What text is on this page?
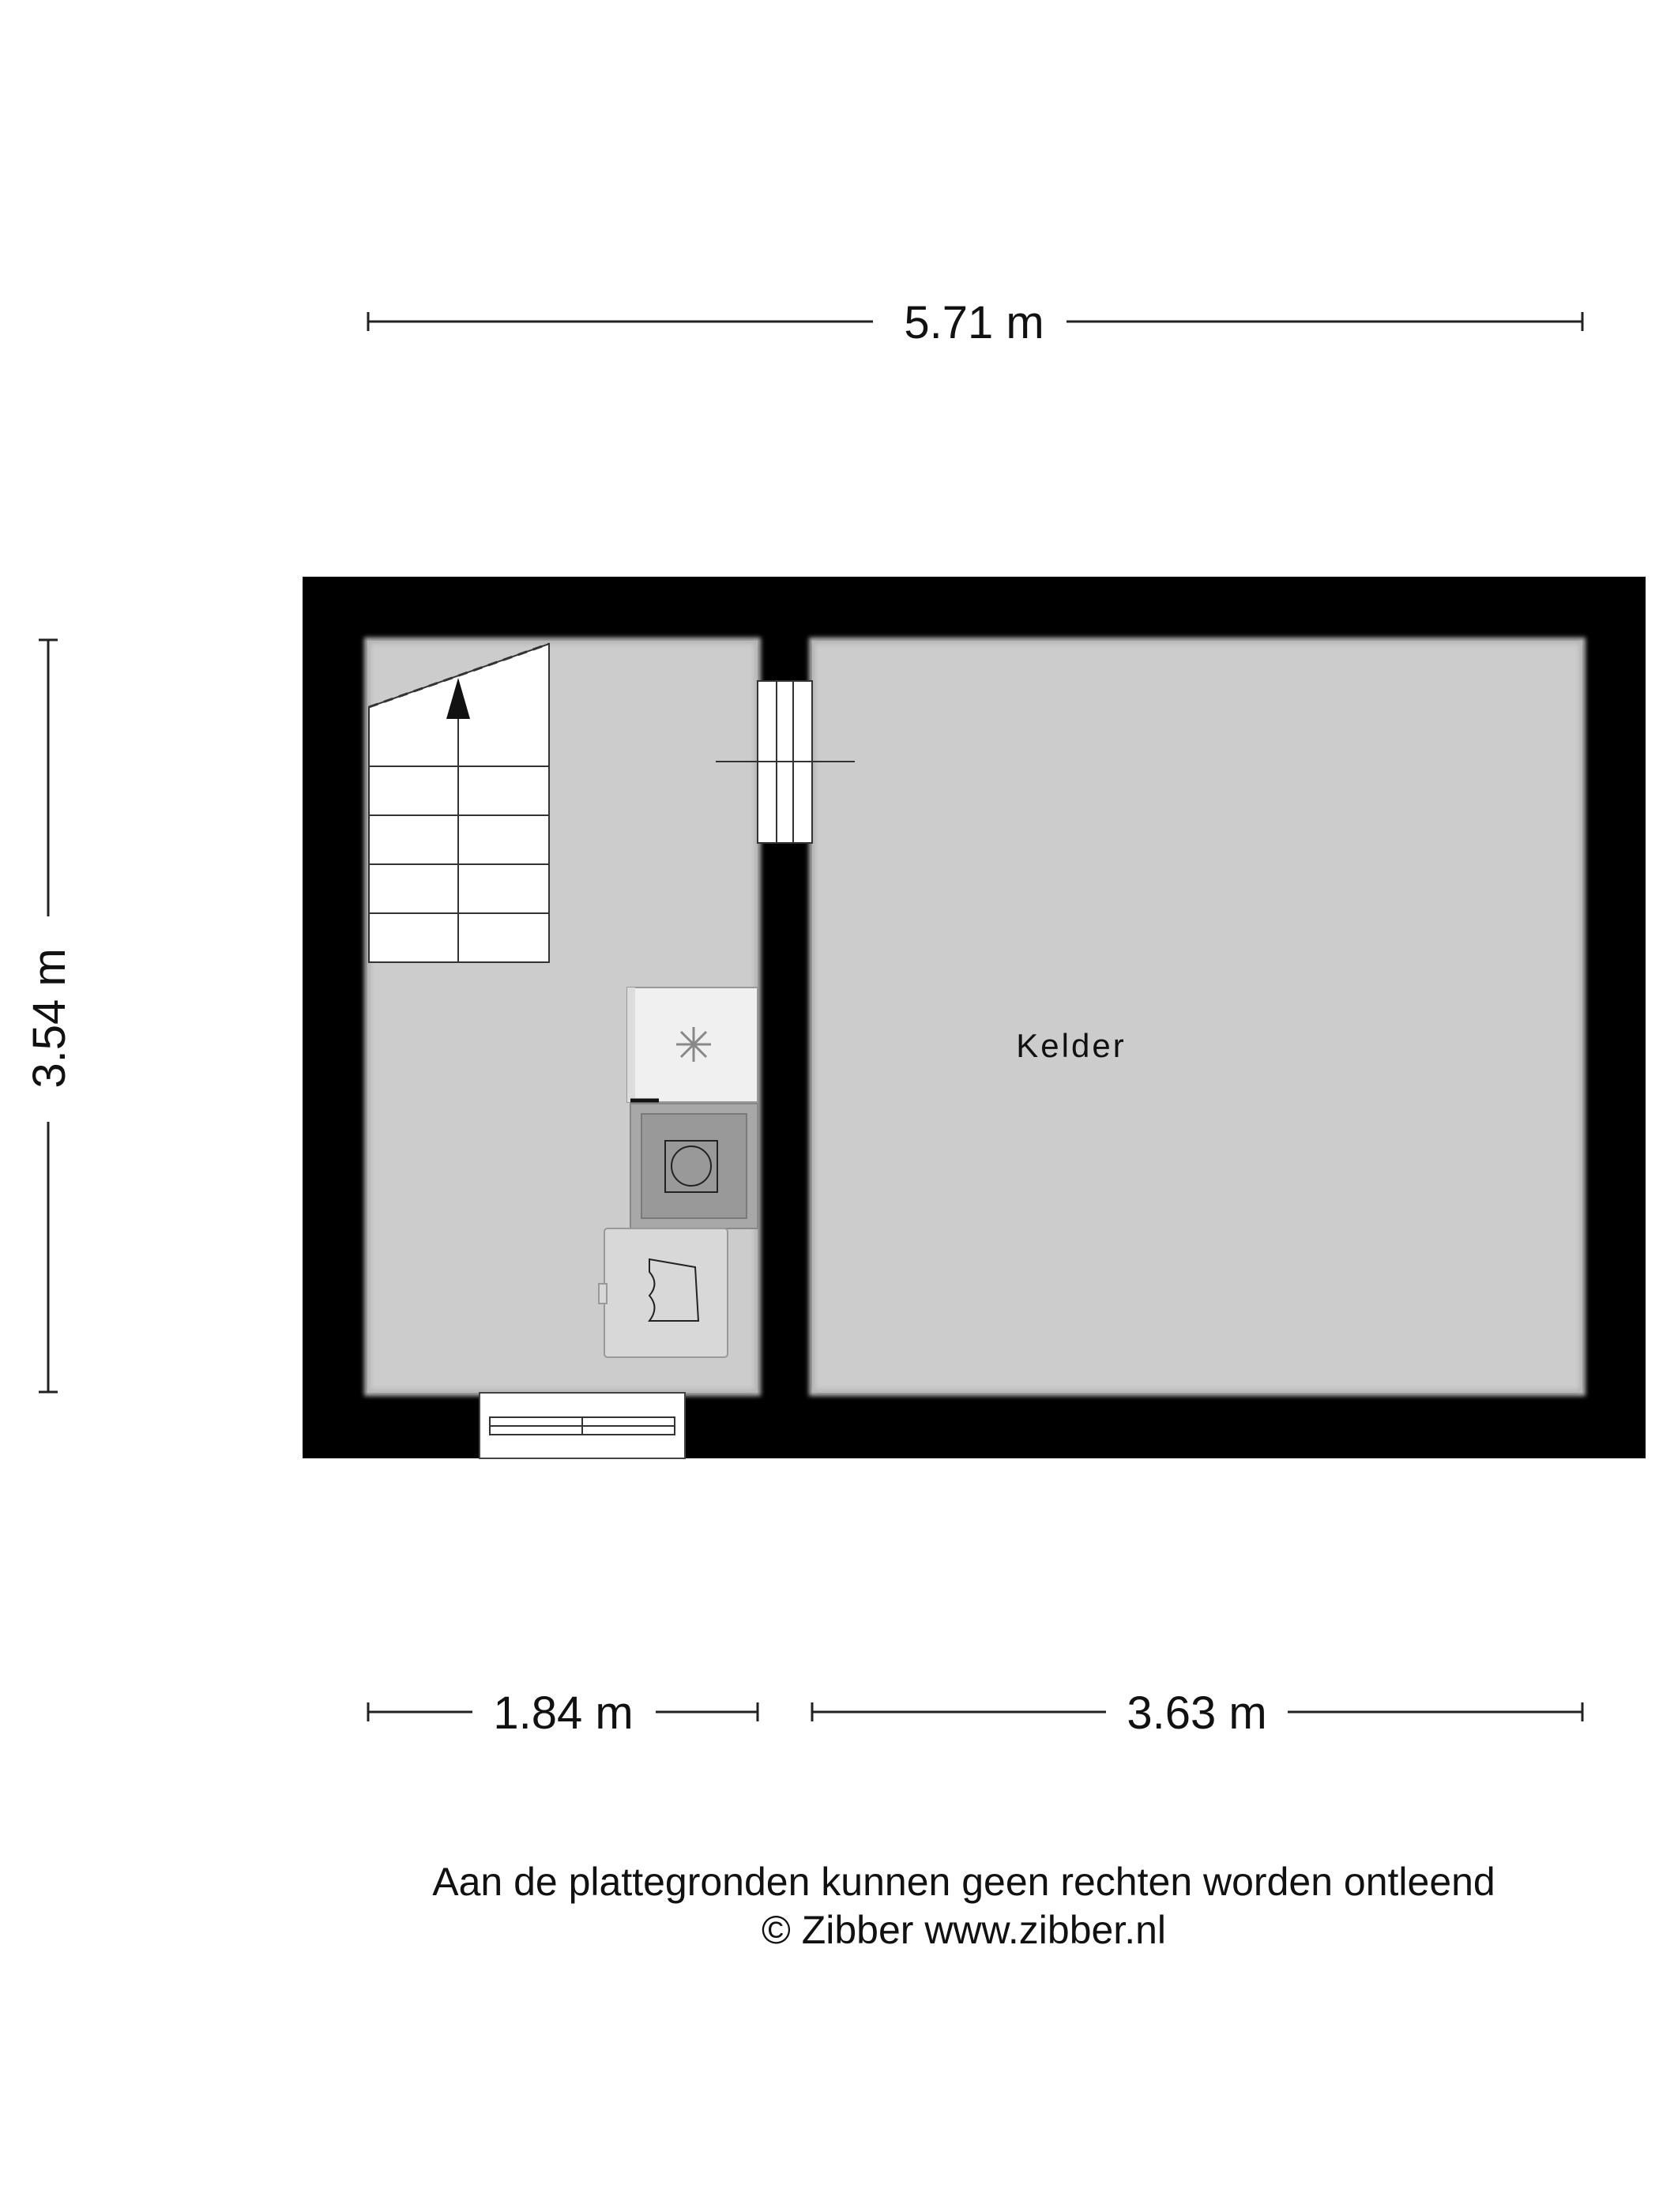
5.71 m
3.54 m	Kelder
1.84 m	3.63 m
Aan de plattegronden kunnen geen rechten worden ontleend
© Zibber www.zibber.nl
